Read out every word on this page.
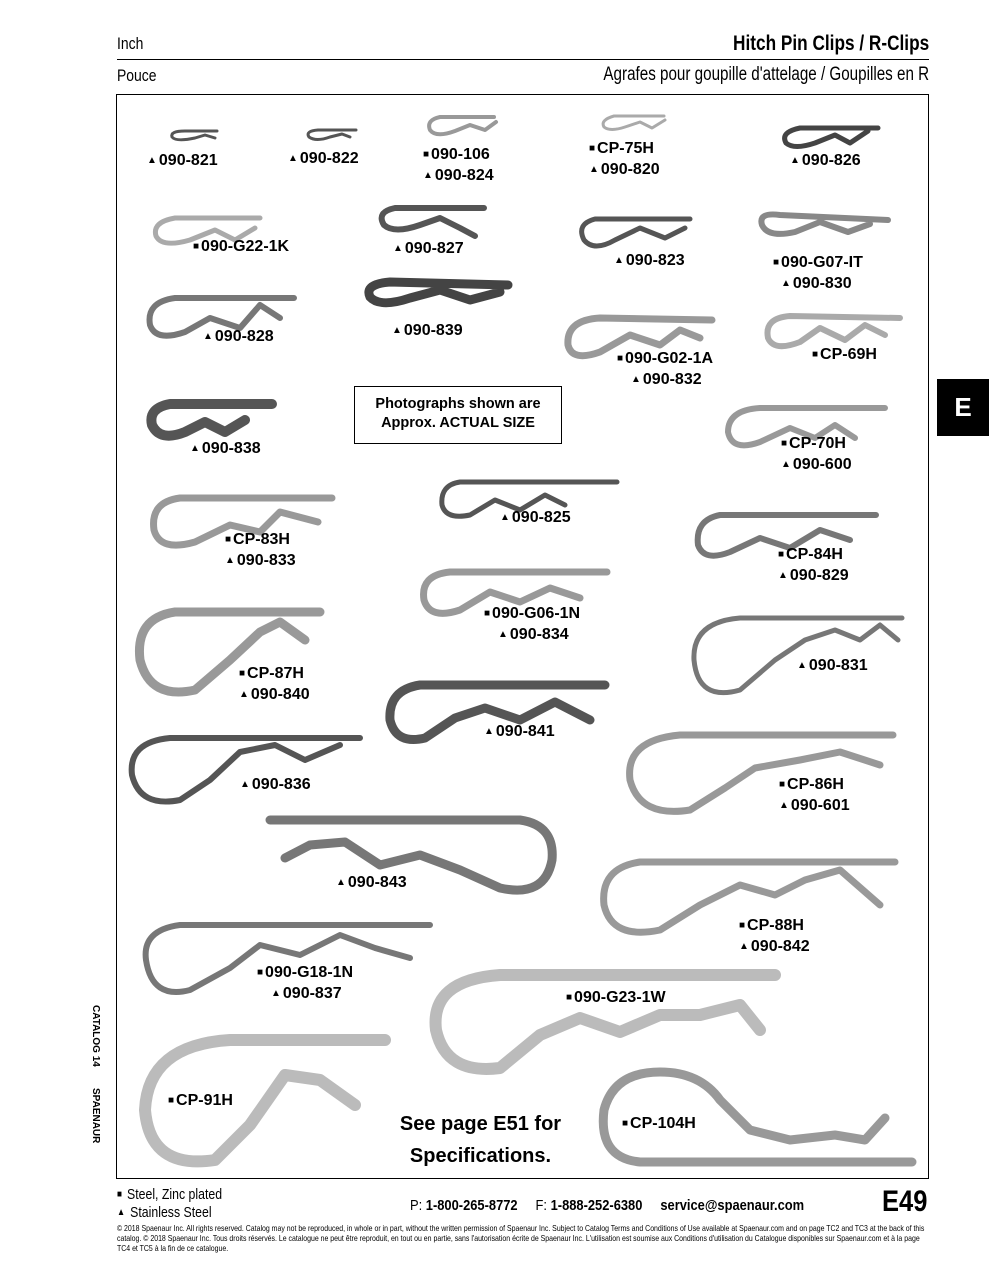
Inch	Hitch Pin Clips / R-Clips
Pouce	Agrafes pour goupille d'attelage / Goupilles en R
E
▲ 090-821	▲ 090-822	■ 090-106
▲ 090-824
■ CP-75H
▲ 090-820
▲ 090-826
■ 090-G22-1K	▲ 090-827
▲ 090-823	■ 090-G07-IT
▲ 090-830
▲ 090-828	▲ 090-839
■ 090-G02-1A
▲ 090-832
■ CP-69H
▲ 090-838	■ CP-70H
▲ 090-600
▲ 090-825
■ CP-83H
▲ 090-833	■ CP-84H
▲ 090-829
■ 090-G06-1N
▲ 090-834
▲ 090-831
■ CP-87H
▲ 090-840
▲ 090-841
▲ 090-836	■ CP-86H
▲ 090-601
▲ 090-843
■ CP-88H
▲ 090-842
■ 090-G18-1N
▲ 090-837	■ 090-G23-1W
■ CP-91H
■ CP-104H
Photographs shown are
Approx. ACTUAL SIZE
See page E51 for
Specifications.
CATALOG 14
SPAENAUR
■ Steel, Zinc plated
▲ Stainless Steel	P: 1-800-265-8772 F: 1-888-252-6380 service@spaenaur.com	E49
© 2018 Spaenaur Inc. All rights reserved. Catalog may not be reproduced, in whole or in part, without the written permission of Spaenaur Inc. Subject to Catalog Terms and Conditions of Use available at Spaenaur.com and on page TC2 and TC3 at the back of this catalog. © 2018 Spaenaur Inc. Tous droits réservés. Le catalogue ne peut être reproduit, en tout ou en partie, sans l'autorisation écrite de Spaenaur Inc. L'utilisation est soumise aux Conditions d'utilisation du Catalogue disponibles sur Spaenaur.com et à la page TC4 et TC5 à la fin de ce catalogue.
